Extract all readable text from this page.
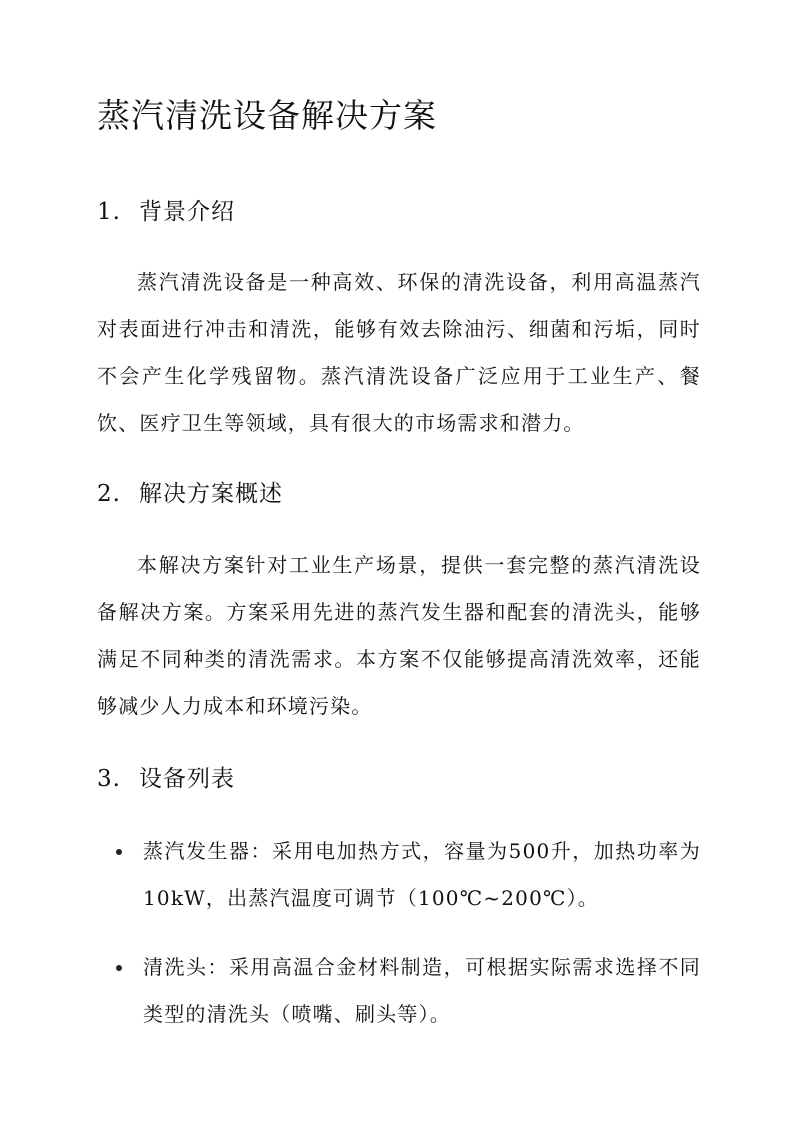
蒸汽清洗设备解决方案
1. 背景介绍

蒸汽清洗设备是一种高效、环保的清洗设备，利用高温蒸汽对表面进行冲击和清洗，能够有效去除油污、细菌和污垢，同时不会产生化学残留物。蒸汽清洗设备广泛应用于工业生产、餐饮、医疗卫生等领域，具有很大的市场需求和潜力。

2. 解决方案概述

本解决方案针对工业生产场景，提供一套完整的蒸汽清洗设备解决方案。方案采用先进的蒸汽发生器和配套的清洗头，能够满足不同种类的清洗需求。本方案不仅能够提高清洗效率，还能够减少人力成本和环境污染。

3. 设备列表
蒸汽发生器：采用电加热方式，容量为500升，加热功率为10kW，出蒸汽温度可调节（100℃~200℃）。
清洗头：采用高温合金材料制造，可根据实际需求选择不同类型的清洗头（喷嘴、刷头等）。
